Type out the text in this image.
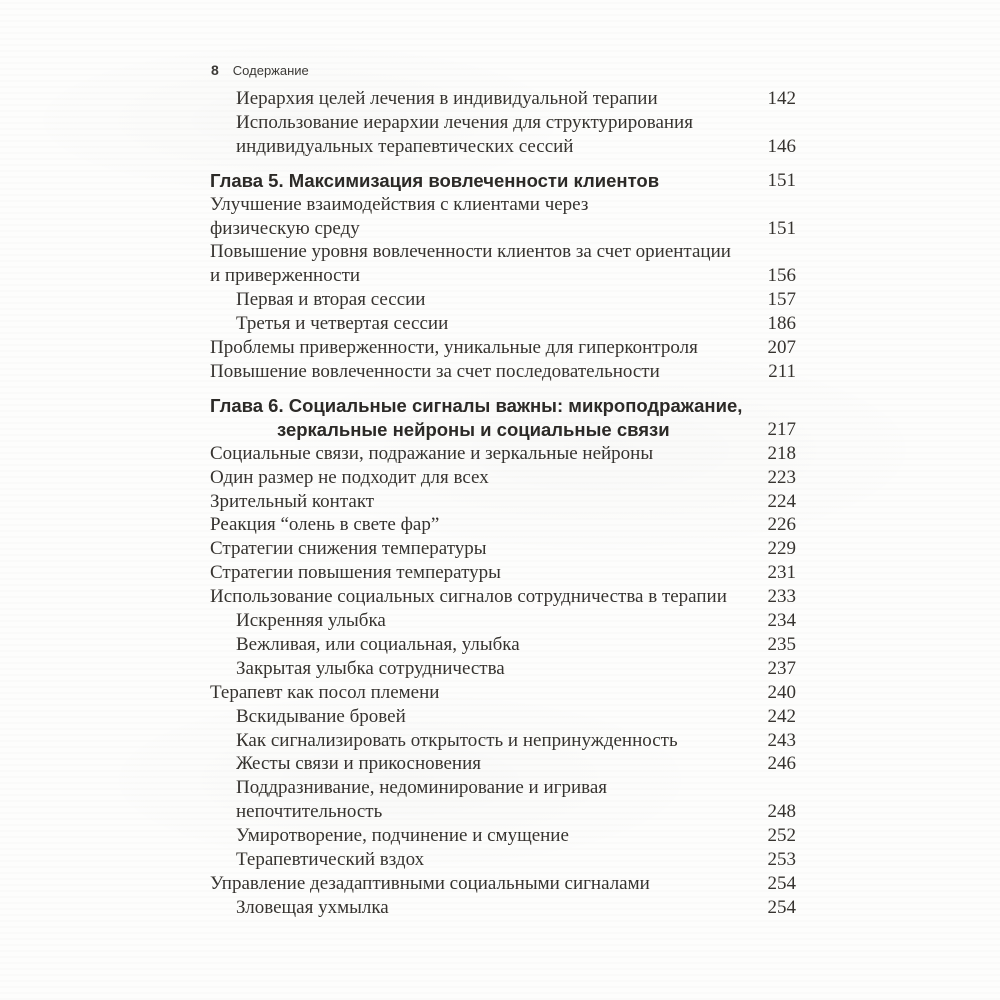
8 Содержание
Иерархия целей лечения в индивидуальной терапии	142
Использование иерархии лечения для структурирования
индивидуальных терапевтических сессий	146
Глава 5. Максимизация вовлеченности клиентов	151
Улучшение взаимодействия с клиентами через
физическую среду	151
Повышение уровня вовлеченности клиентов за счет ориентации
и приверженности	156
Первая и вторая сессии	157
Третья и четвертая сессии	186
Проблемы приверженности, уникальные для гиперконтроля	207
Повышение вовлеченности за счет последовательности	211
Глава 6. Социальные сигналы важны: микроподражание,
зеркальные нейроны и социальные связи	217
Социальные связи, подражание и зеркальные нейроны	218
Один размер не подходит для всех	223
Зрительный контакт	224
Реакция “олень в свете фар”	226
Стратегии снижения температуры	229
Стратегии повышения температуры	231
Использование социальных сигналов сотрудничества в терапии	233
Искренняя улыбка	234
Вежливая, или социальная, улыбка	235
Закрытая улыбка сотрудничества	237
Терапевт как посол племени	240
Вскидывание бровей	242
Как сигнализировать открытость и непринужденность	243
Жесты связи и прикосновения	246
Поддразнивание, недоминирование и игривая
непочтительность	248
Умиротворение, подчинение и смущение	252
Терапевтический вздох	253
Управление дезадаптивными социальными сигналами	254
Зловещая ухмылка	254
